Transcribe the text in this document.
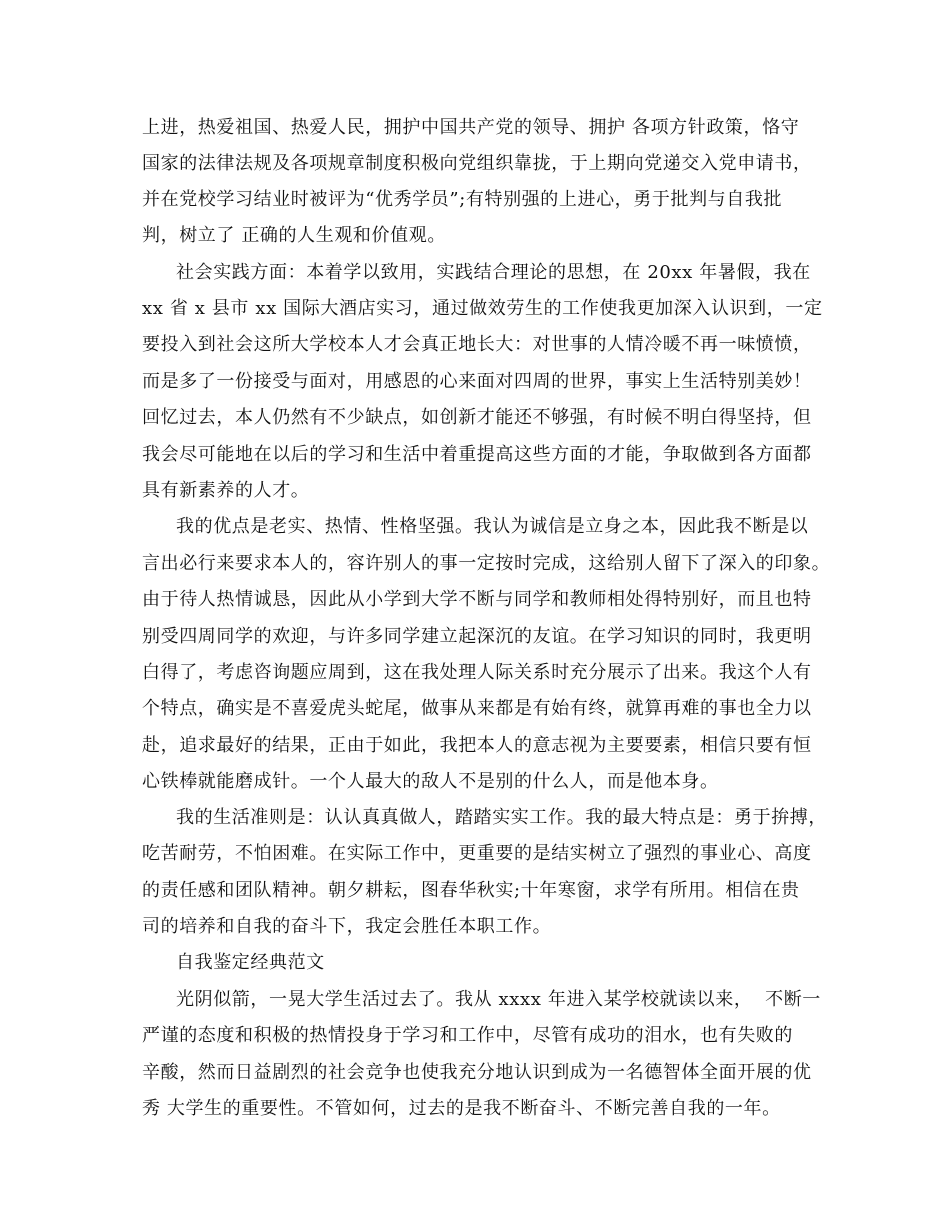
上进，热爱祖国、热爱人民，拥护中国共产党的领导、拥护 各项方针政策，恪守

国家的法律法规及各项规章制度积极向党组织靠拢，于上期向党递交入党申请书，

并在党校学习结业时被评为“优秀学员”;有特别强的上进心，勇于批判与自我批

判，树立了 正确的人生观和价值观。

社会实践方面：本着学以致用，实践结合理论的思想，在 20xx 年暑假，我在

xx 省 x 县市 xx 国际大酒店实习，通过做效劳生的工作使我更加深入认识到，一定

要投入到社会这所大学校本人才会真正地长大：对世事的人情冷暖不再一味愤愤，

而是多了一份接受与面对，用感恩的心来面对四周的世界，事实上生活特别美妙！

回忆过去，本人仍然有不少缺点，如创新才能还不够强，有时候不明白得坚持，但

我会尽可能地在以后的学习和生活中着重提高这些方面的才能，争取做到各方面都

具有新素养的人才。

我的优点是老实、热情、性格坚强。我认为诚信是立身之本，因此我不断是以

言出必行来要求本人的，容许别人的事一定按时完成，这给别人留下了深入的印象。

由于待人热情诚恳，因此从小学到大学不断与同学和教师相处得特别好，而且也特

别受四周同学的欢迎，与许多同学建立起深沉的友谊。在学习知识的同时，我更明

白得了，考虑咨询题应周到，这在我处理人际关系时充分展示了出来。我这个人有

个特点，确实是不喜爱虎头蛇尾，做事从来都是有始有终，就算再难的事也全力以

赴，追求最好的结果，正由于如此，我把本人的意志视为主要要素，相信只要有恒

心铁棒就能磨成针。一个人最大的敌人不是别的什么人，而是他本身。

我的生活准则是：认认真真做人，踏踏实实工作。我的最大特点是：勇于拚搏，

吃苦耐劳，不怕困难。在实际工作中，更重要的是结实树立了强烈的事业心、高度

的责任感和团队精神。朝夕耕耘，图春华秋实;十年寒窗，求学有所用。相信在贵

司的培养和自我的奋斗下，我定会胜任本职工作。

自我鉴定经典范文

光阴似箭，一晃大学生活过去了。我从 xxxx 年进入某学校就读以来，  不断一

严谨的态度和积极的热情投身于学习和工作中，尽管有成功的泪水，也有失败的

辛酸，然而日益剧烈的社会竞争也使我充分地认识到成为一名德智体全面开展的优

秀 大学生的重要性。不管如何，过去的是我不断奋斗、不断完善自我的一年。
